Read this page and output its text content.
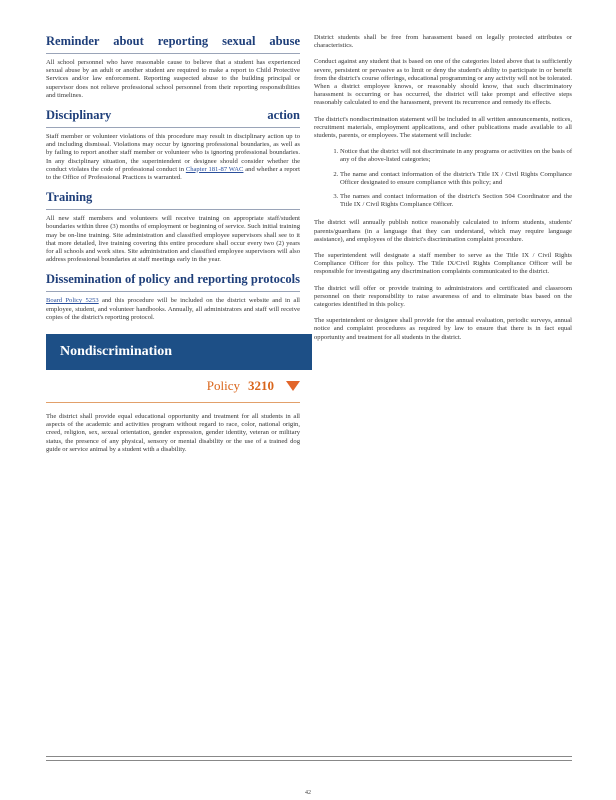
Reminder about reporting sexual abuse

All school personnel who have reasonable cause to believe that a student has experienced sexual abuse by an adult or another student are required to make a report to Child Protective Services and/or law enforcement. Reporting suspected abuse to the building principal or supervisor does not relieve professional school personnel from their reporting responsibilities and timelines.

Disciplinary action

Staff member or volunteer violations of this procedure may result in disciplinary action up to and including dismissal. Violations may occur by ignoring professional boundaries, as well as by failing to report another staff member or volunteer who is ignoring professional boundaries. In any disciplinary situation, the superintendent or designee should consider whether the conduct violates the code of professional conduct in Chapter 181-87 WAC and whether a report to the Office of Professional Practices is warranted.

Training

All new staff members and volunteers will receive training on appropriate staff/student boundaries within three (3) months of employment or beginning of service. Such initial training may be on-line training. Site administration and classified employee supervisors shall see to it that more detailed, live training covering this entire procedure shall occur every two (2) years for all schools and work sites. Site administration and classified employee supervisors will also address professional boundaries at staff meetings early in the year.

Dissemination of policy and reporting protocols

Board Policy 5253 and this procedure will be included on the district website and in all employee, student, and volunteer handbooks. Annually, all administrators and staff will receive copies of the district's reporting protocol.

Nondiscrimination
Policy 3210

The district shall provide equal educational opportunity and treatment for all students in all aspects of the academic and activities program without regard to race, color, national origin, creed, religion, sex, sexual orientation, gender expression, gender identity, veteran or military status, the presence of any physical, sensory or mental disability or the use of a trained dog guide or service animal by a student with a disability.

District students shall be free from harassment based on legally protected attributes or characteristics.

Conduct against any student that is based on one of the categories listed above that is sufficiently severe, persistent or pervasive as to limit or deny the student's ability to participate in or benefit from the district's course offerings, educational programming or any activity will not be tolerated. When a district employee knows, or reasonably should know, that such discriminatory harassment is occurring or has occurred, the district will take prompt and effective steps reasonably calculated to end the harassment, prevent its recurrence and remedy its effects.

The district's nondiscrimination statement will be included in all written announcements, notices, recruitment materials, employment applications, and other publications made available to all students, parents, or employees. The statement will include:

1. Notice that the district will not discriminate in any programs or activities on the basis of any of the above-listed categories;
2. The name and contact information of the district's Title IX / Civil Rights Compliance Officer designated to ensure compliance with this policy; and
3. The names and contact information of the district's Section 504 Coordinator and the Title IX / Civil Rights Compliance Officer.

The district will annually publish notice reasonably calculated to inform students, students' parents/guardians (in a language that they can understand, which may require language assistance), and employees of the district's discrimination complaint procedure.

The superintendent will designate a staff member to serve as the Title IX / Civil Rights Compliance Officer for this policy. The Title IX/Civil Rights Compliance Officer will be responsible for investigating any discrimination complaints communicated to the district.

The district will offer or provide training to administrators and certificated and classroom personnel on their responsibility to raise awareness of and to eliminate bias based on the categories identified in this policy.

The superintendent or designee shall provide for the annual evaluation, periodic surveys, annual notice and complaint procedures as required by law to ensure that there is in fact equal opportunity and treatment for all students in the district.

42
